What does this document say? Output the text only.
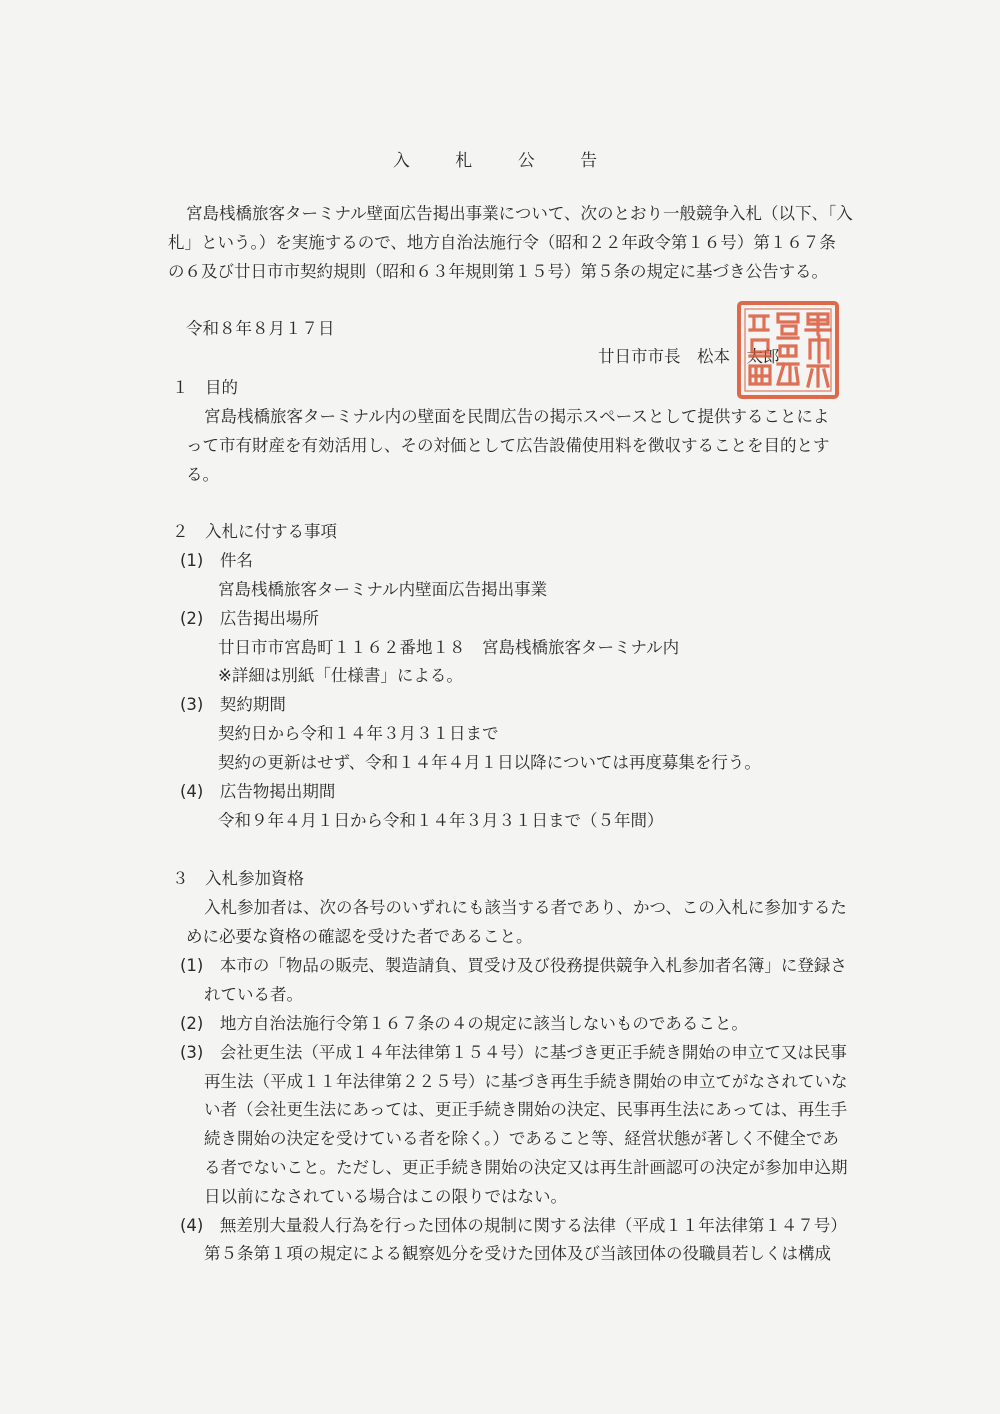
入 札 公 告
宮島桟橋旅客ターミナル壁面広告掲出事業について、次のとおり一般競争入札（以下、「入
札」という。）を実施するので、地方自治法施行令（昭和２２年政令第１６号）第１６７条
の６及び廿日市市契約規則（昭和６３年規則第１５号）第５条の規定に基づき公告する。
令和８年８月１７日
廿日市市長　松本　太郎
１　目的
宮島桟橋旅客ターミナル内の壁面を民間広告の掲示スペースとして提供することによ
って市有財産を有効活用し、その対価として広告設備使用料を徴収することを目的とす
る。
２　入札に付する事項
(1)　件名
宮島桟橋旅客ターミナル内壁面広告掲出事業
(2)　広告掲出場所
廿日市市宮島町１１６２番地１８　宮島桟橋旅客ターミナル内
※詳細は別紙「仕様書」による。
(3)　契約期間
契約日から令和１４年３月３１日まで
契約の更新はせず、令和１４年４月１日以降については再度募集を行う。
(4)　広告物掲出期間
令和９年４月１日から令和１４年３月３１日まで（５年間）
３　入札参加資格
入札参加者は、次の各号のいずれにも該当する者であり、かつ、この入札に参加するた
めに必要な資格の確認を受けた者であること。
(1)　本市の「物品の販売、製造請負、買受け及び役務提供競争入札参加者名簿」に登録さ
れている者。
(2)　地方自治法施行令第１６７条の４の規定に該当しないものであること。
(3)　会社更生法（平成１４年法律第１５４号）に基づき更正手続き開始の申立て又は民事
再生法（平成１１年法律第２２５号）に基づき再生手続き開始の申立てがなされていな
い者（会社更生法にあっては、更正手続き開始の決定、民事再生法にあっては、再生手
続き開始の決定を受けている者を除く。）であること等、経営状態が著しく不健全であ
る者でないこと。ただし、更正手続き開始の決定又は再生計画認可の決定が参加申込期
日以前になされている場合はこの限りではない。
(4)　無差別大量殺人行為を行った団体の規制に関する法律（平成１１年法律第１４７号）
第５条第１項の規定による観察処分を受けた団体及び当該団体の役職員若しくは構成
